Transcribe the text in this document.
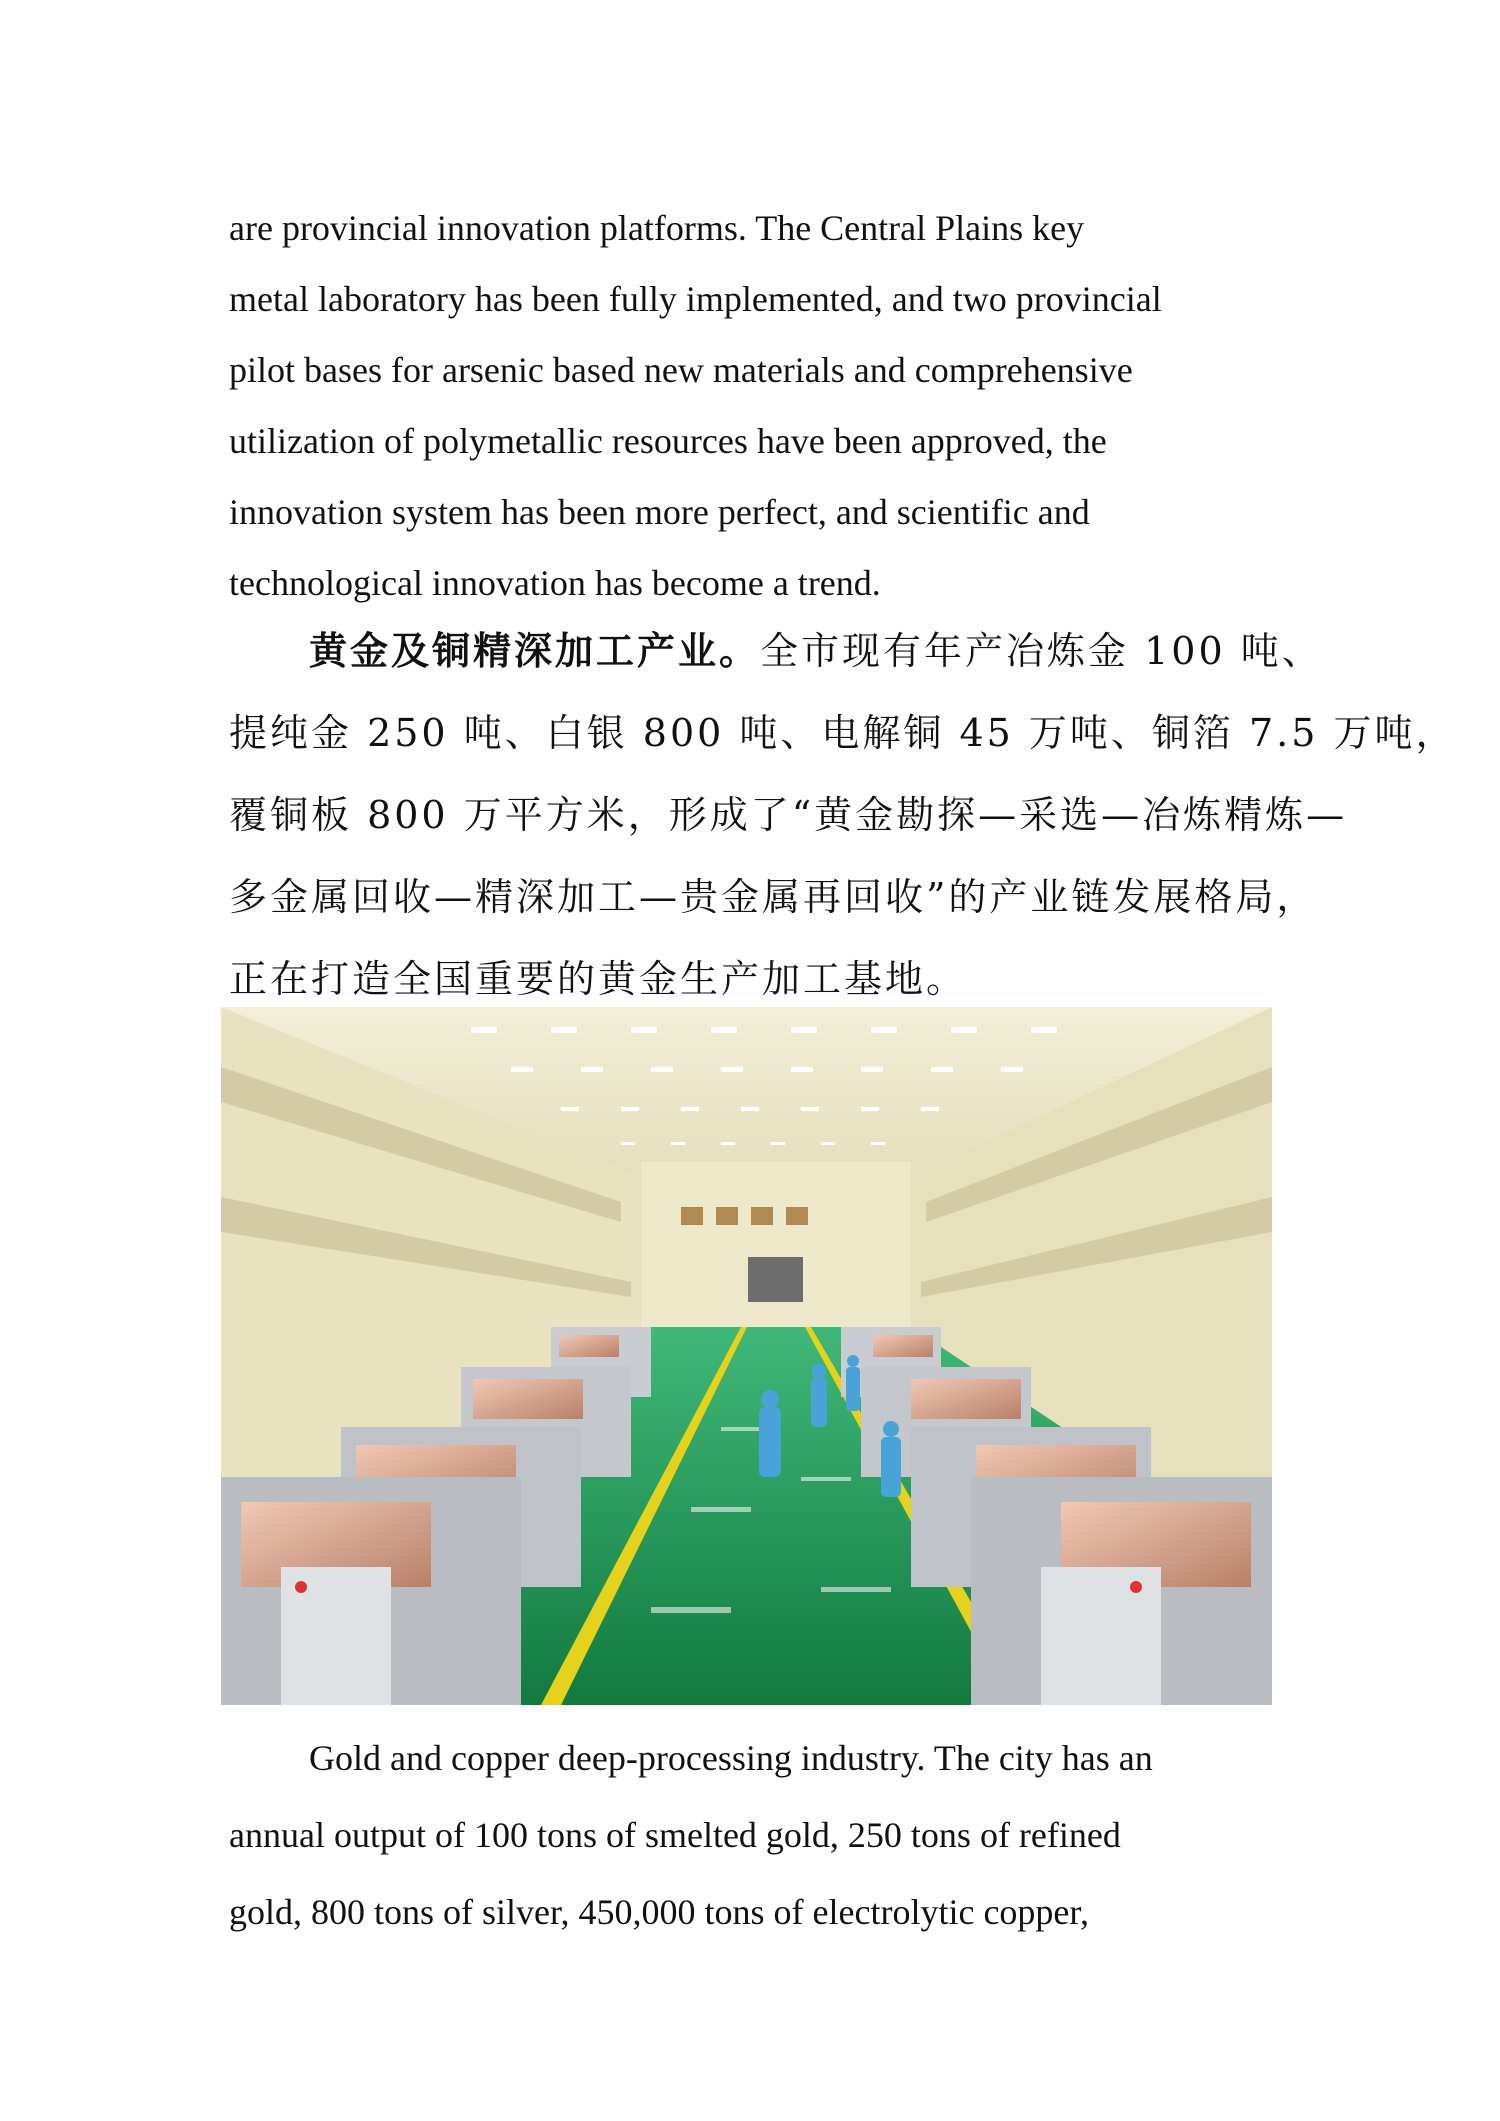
are provincial innovation platforms. The Central Plains key
metal laboratory has been fully implemented, and two provincial
pilot bases for arsenic based new materials and comprehensive
utilization of polymetallic resources have been approved, the
innovation system has been more perfect, and scientific and
technological innovation has become a trend.
黄金及铜精深加工产业。全市现有年产冶炼金 100 吨、
提纯金 250 吨、白银 800 吨、电解铜 45 万吨、铜箔 7.5 万吨，
覆铜板 800 万平方米，形成了“黄金勘探—采选—冶炼精炼—
多金属回收—精深加工—贵金属再回收”的产业链发展格局，
正在打造全国重要的黄金生产加工基地。
Gold and copper deep-processing industry. The city has an
annual output of 100 tons of smelted gold, 250 tons of refined
gold, 800 tons of silver, 450,000 tons of electrolytic copper,
